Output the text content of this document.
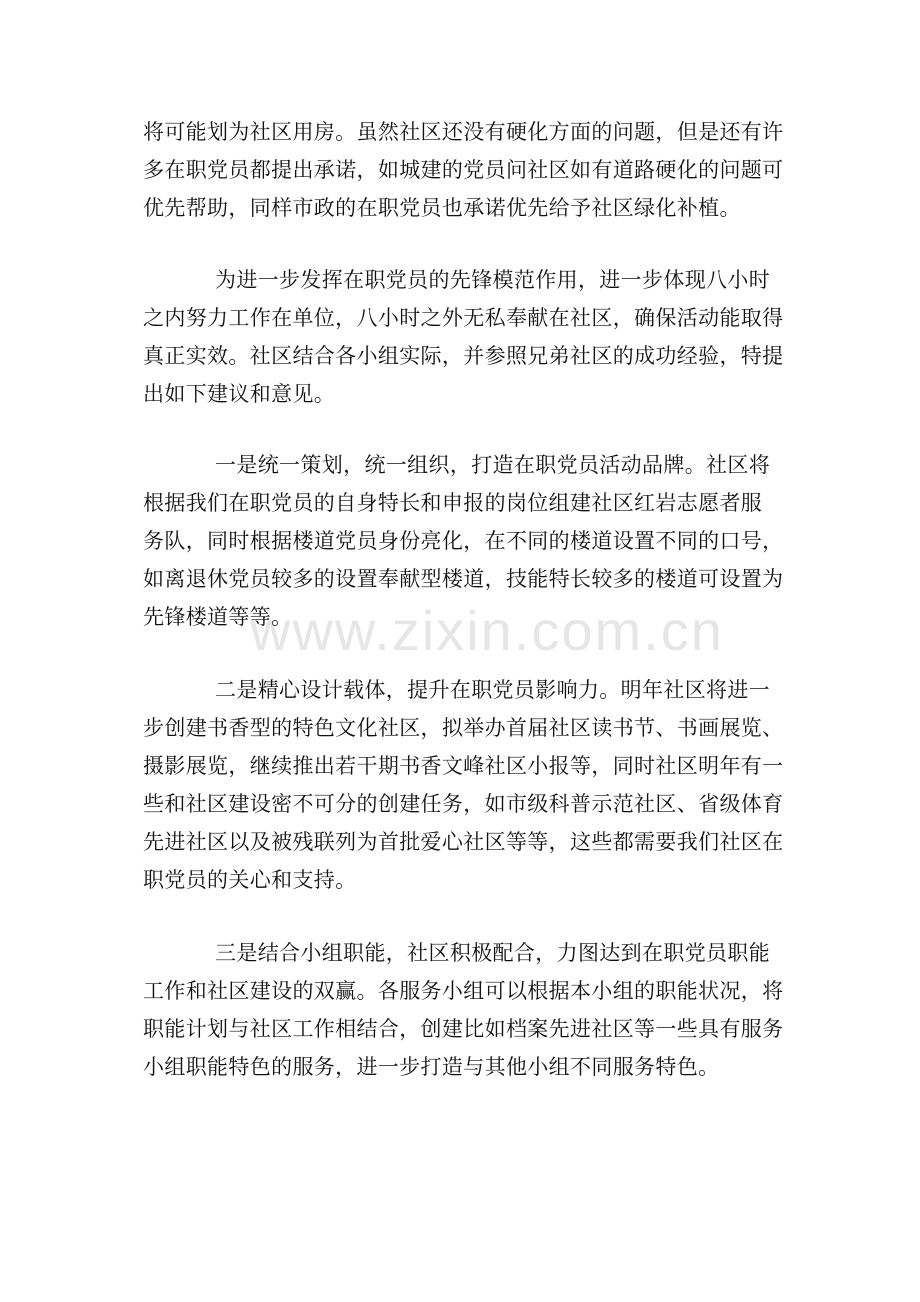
www.zixin.com.cn
将可能划为社区用房。虽然社区还没有硬化方面的问题，但是还有许
多在职党员都提出承诺，如城建的党员问社区如有道路硬化的问题可
优先帮助，同样市政的在职党员也承诺优先给予社区绿化补植。
为进一步发挥在职党员的先锋模范作用，进一步体现八小时
之内努力工作在单位，八小时之外无私奉献在社区，确保活动能取得
真正实效。社区结合各小组实际，并参照兄弟社区的成功经验，特提
出如下建议和意见。
一是统一策划，统一组织，打造在职党员活动品牌。社区将
根据我们在职党员的自身特长和申报的岗位组建社区红岩志愿者服
务队，同时根据楼道党员身份亮化，在不同的楼道设置不同的口号，
如离退休党员较多的设置奉献型楼道，技能特长较多的楼道可设置为
先锋楼道等等。
二是精心设计载体，提升在职党员影响力。明年社区将进一
步创建书香型的特色文化社区，拟举办首届社区读书节、书画展览、
摄影展览，继续推出若干期书香文峰社区小报等，同时社区明年有一
些和社区建设密不可分的创建任务，如市级科普示范社区、省级体育
先进社区以及被残联列为首批爱心社区等等，这些都需要我们社区在
职党员的关心和支持。
三是结合小组职能，社区积极配合，力图达到在职党员职能
工作和社区建设的双赢。各服务小组可以根据本小组的职能状况，将
职能计划与社区工作相结合，创建比如档案先进社区等一些具有服务
小组职能特色的服务，进一步打造与其他小组不同服务特色。
